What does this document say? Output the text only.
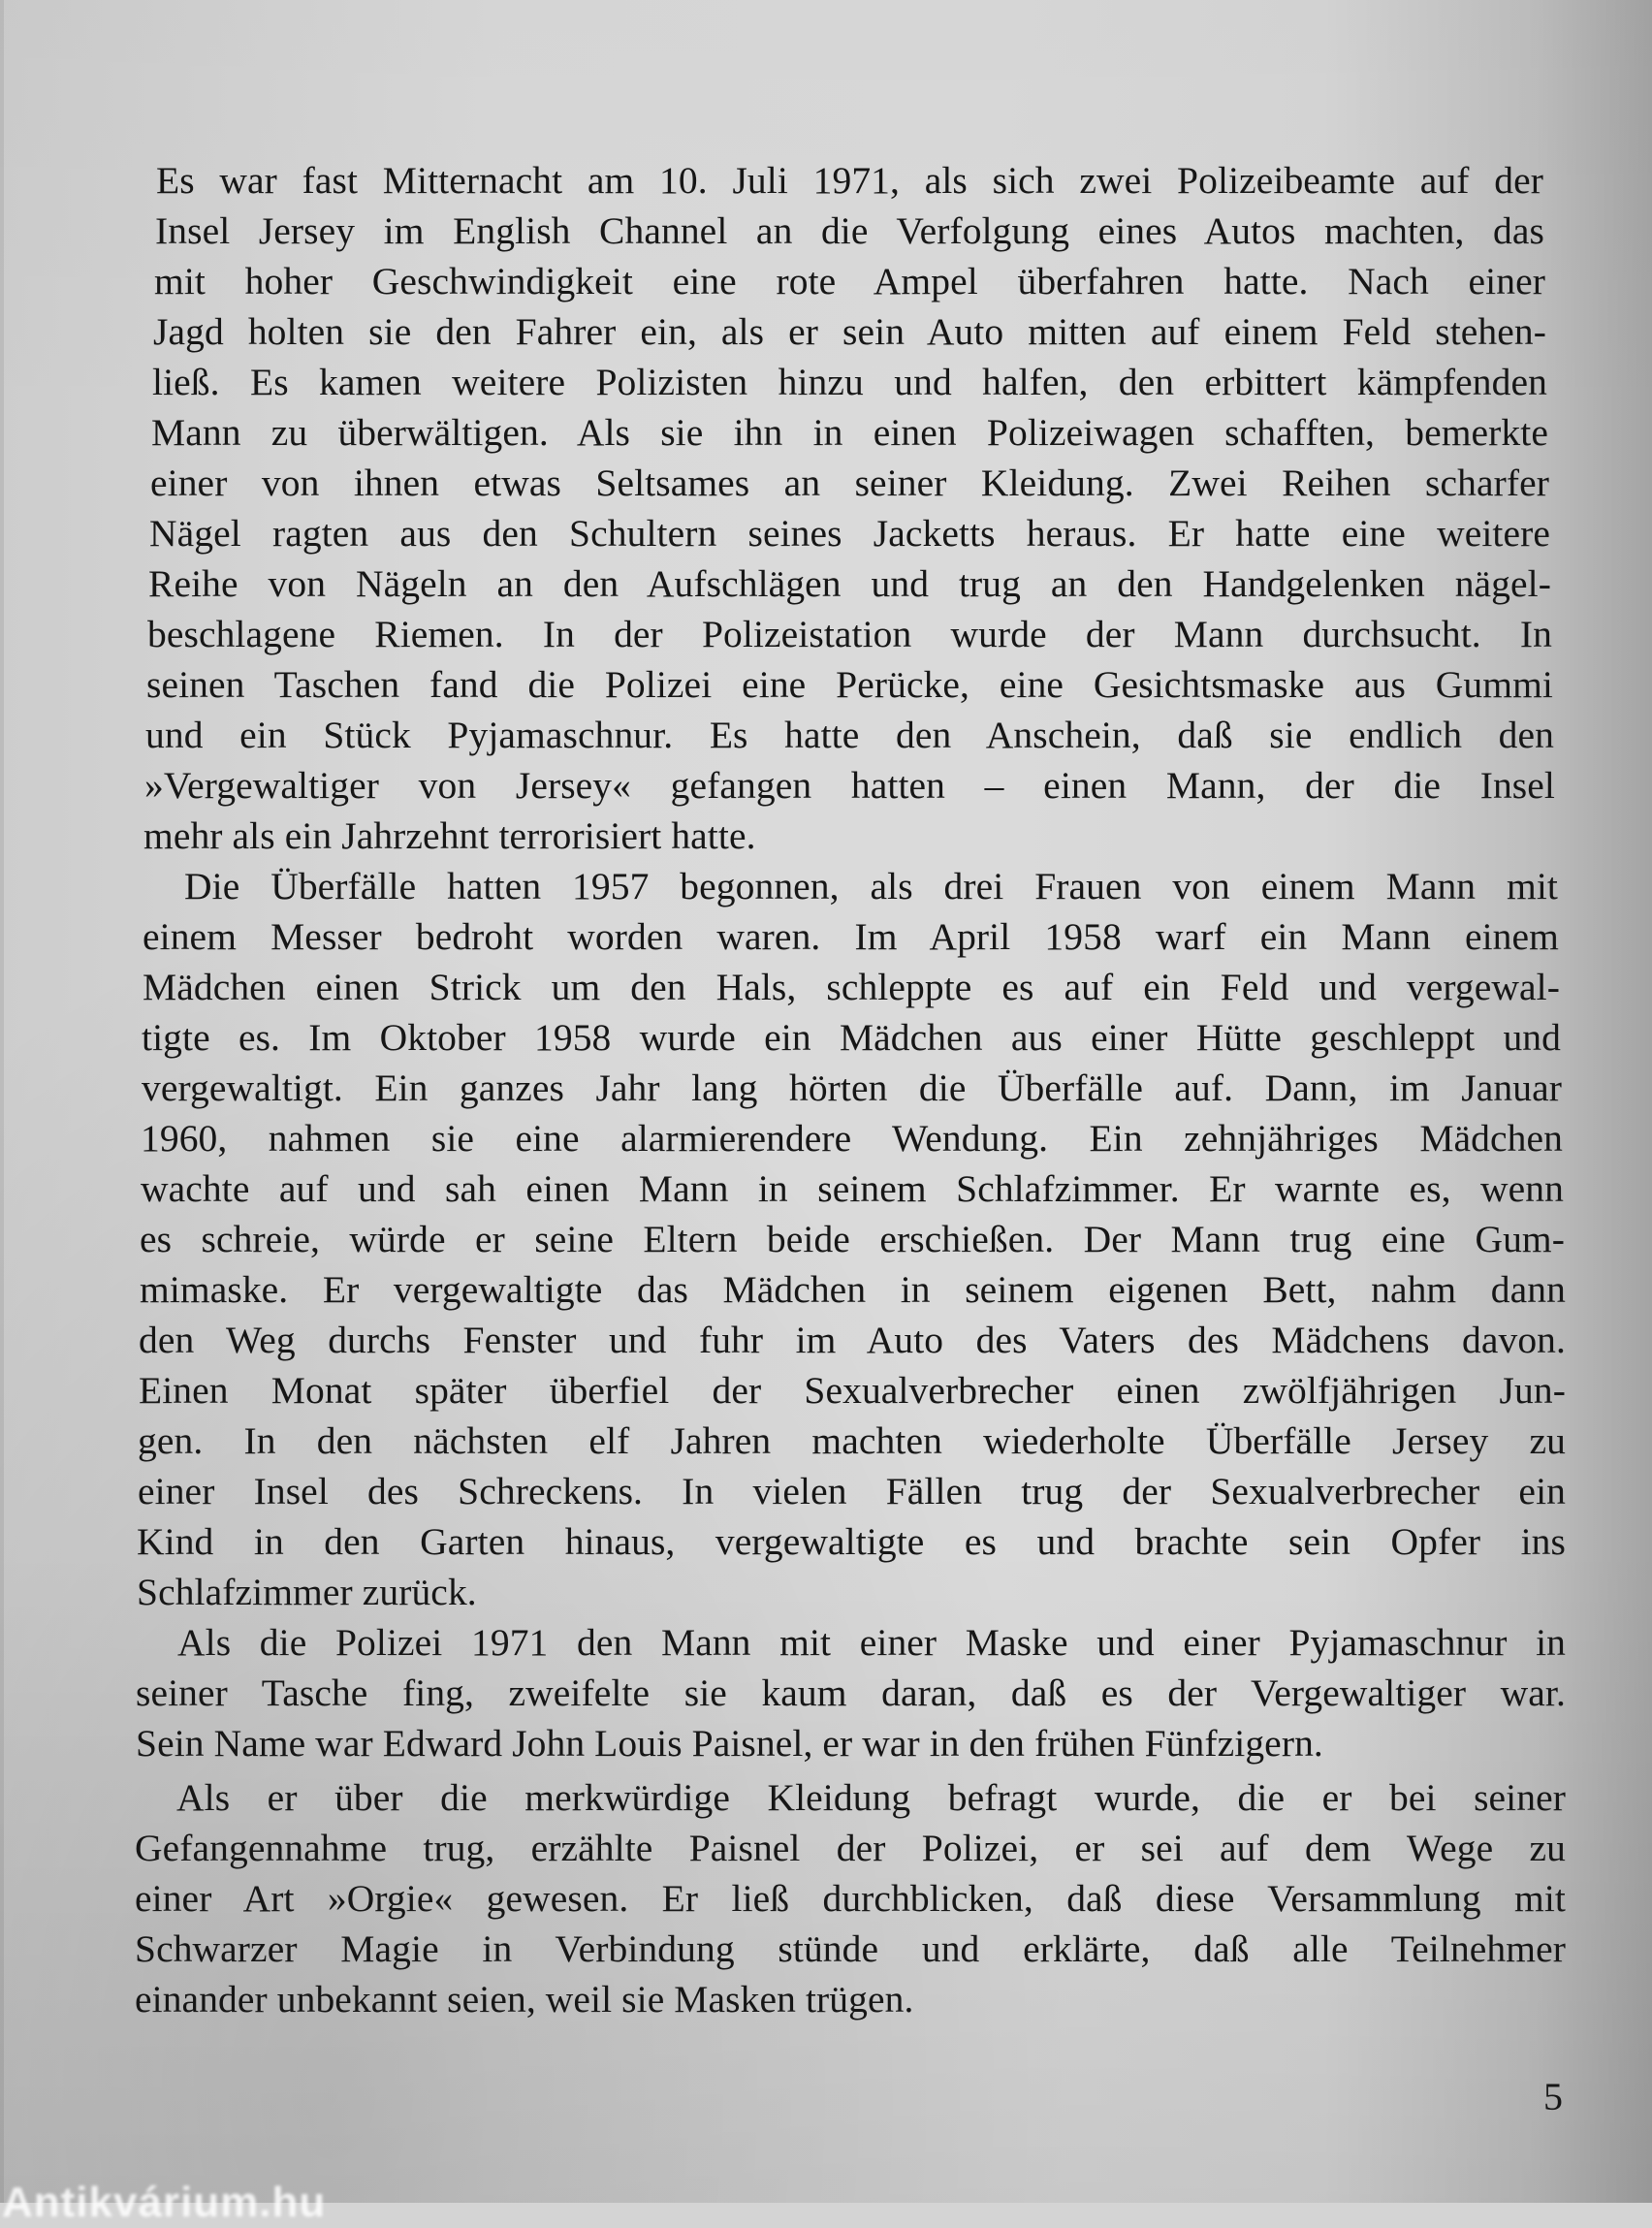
Es war fast Mitternacht am 10. Juli 1971, als sich zwei Polizeibeamte auf der
Insel Jersey im English Channel an die Verfolgung eines Autos machten, das
mit hoher Geschwindigkeit eine rote Ampel überfahren hatte. Nach einer
Jagd holten sie den Fahrer ein, als er sein Auto mitten auf einem Feld stehen-
ließ. Es kamen weitere Polizisten hinzu und halfen, den erbittert kämpfenden
Mann zu überwältigen. Als sie ihn in einen Polizeiwagen schafften, bemerkte
einer von ihnen etwas Seltsames an seiner Kleidung. Zwei Reihen scharfer
Nägel ragten aus den Schultern seines Jacketts heraus. Er hatte eine weitere
Reihe von Nägeln an den Aufschlägen und trug an den Handgelenken nägel-
beschlagene Riemen. In der Polizeistation wurde der Mann durchsucht. In
seinen Taschen fand die Polizei eine Perücke, eine Gesichtsmaske aus Gummi
und ein Stück Pyjamaschnur. Es hatte den Anschein, daß sie endlich den
»Vergewaltiger von Jersey« gefangen hatten – einen Mann, der die Insel
mehr als ein Jahrzehnt terrorisiert hatte.
Die Überfälle hatten 1957 begonnen, als drei Frauen von einem Mann mit
einem Messer bedroht worden waren. Im April 1958 warf ein Mann einem
Mädchen einen Strick um den Hals, schleppte es auf ein Feld und vergewal-
tigte es. Im Oktober 1958 wurde ein Mädchen aus einer Hütte geschleppt und
vergewaltigt. Ein ganzes Jahr lang hörten die Überfälle auf. Dann, im Januar
1960, nahmen sie eine alarmierendere Wendung. Ein zehnjähriges Mädchen
wachte auf und sah einen Mann in seinem Schlafzimmer. Er warnte es, wenn
es schreie, würde er seine Eltern beide erschießen. Der Mann trug eine Gum-
mimaske. Er vergewaltigte das Mädchen in seinem eigenen Bett, nahm dann
den Weg durchs Fenster und fuhr im Auto des Vaters des Mädchens davon.
Einen Monat später überfiel der Sexualverbrecher einen zwölfjährigen Jun-
gen. In den nächsten elf Jahren machten wiederholte Überfälle Jersey zu
einer Insel des Schreckens. In vielen Fällen trug der Sexualverbrecher ein
Kind in den Garten hinaus, vergewaltigte es und brachte sein Opfer ins
Schlafzimmer zurück.
Als die Polizei 1971 den Mann mit einer Maske und einer Pyjamaschnur in
seiner Tasche fing, zweifelte sie kaum daran, daß es der Vergewaltiger war.
Sein Name war Edward John Louis Paisnel, er war in den frühen Fünfzigern.
Als er über die merkwürdige Kleidung befragt wurde, die er bei seiner
Gefangennahme trug, erzählte Paisnel der Polizei, er sei auf dem Wege zu
einer Art »Orgie« gewesen. Er ließ durchblicken, daß diese Versammlung mit
Schwarzer Magie in Verbindung stünde und erklärte, daß alle Teilnehmer
einander unbekannt seien, weil sie Masken trügen.
5
Antikvárium.hu
